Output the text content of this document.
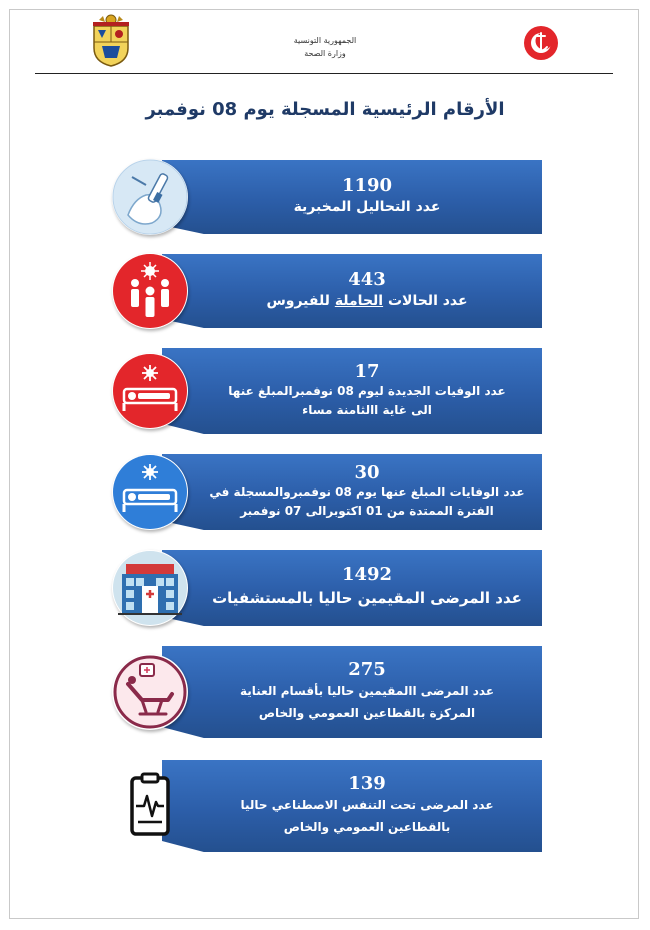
الجمهورية التونسية
وزارة الصحة
الأرقام الرئيسية المسجلة يوم 08 نوفمبر
1190
عدد التحاليل المخبرية
443
عدد الحالات الحاملة للفيروس
17
عدد الوفيات الجديدة ليوم 08 نوفمبرالمبلغ عنها
الى غاية االثامنة مساء
30
عدد الوفايات المبلغ عنها يوم 08 نوفمبروالمسجلة في
الفترة الممتدة من 01 اكتوبرالى 07 نوفمبر
1492
عدد المرضى المقيمين حاليا بالمستشفيات
275
عدد المرضى االمقيمين حاليا بأقسام العناية
المركزة بالقطاعين العمومي والخاص
139
عدد المرضى تحت التنفس الاصطناعي حاليا
بالقطاعين العمومي والخاص
